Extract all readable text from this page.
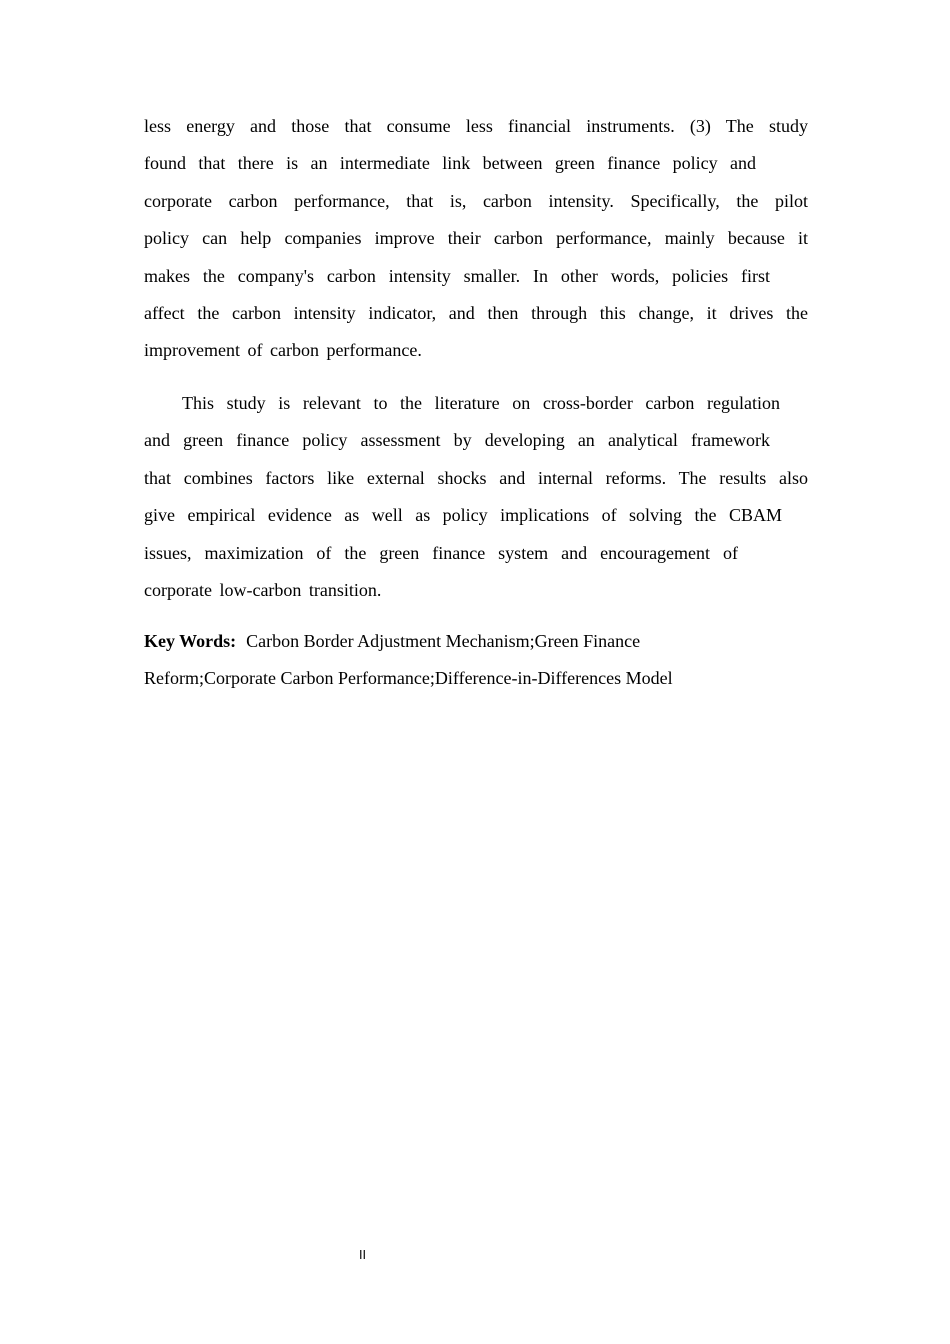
less energy and those that consume less financial instruments. (3) The study
found that there is an intermediate link between green finance policy and
corporate carbon performance, that is, carbon intensity. Specifically, the pilot
policy can help companies improve their carbon performance, mainly because it
makes the company's carbon intensity smaller. In other words, policies first
affect the carbon intensity indicator, and then through this change, it drives the
improvement of carbon performance.
This study is relevant to the literature on cross-border carbon regulation
and green finance policy assessment by developing an analytical framework
that combines factors like external shocks and internal reforms. The results also
give empirical evidence as well as policy implications of solving the CBAM
issues, maximization of the green finance system and encouragement of
corporate low-carbon transition.
Key Words: Carbon Border Adjustment Mechanism;Green Finance
Reform;Corporate Carbon Performance;Difference-in-Differences Model
II
